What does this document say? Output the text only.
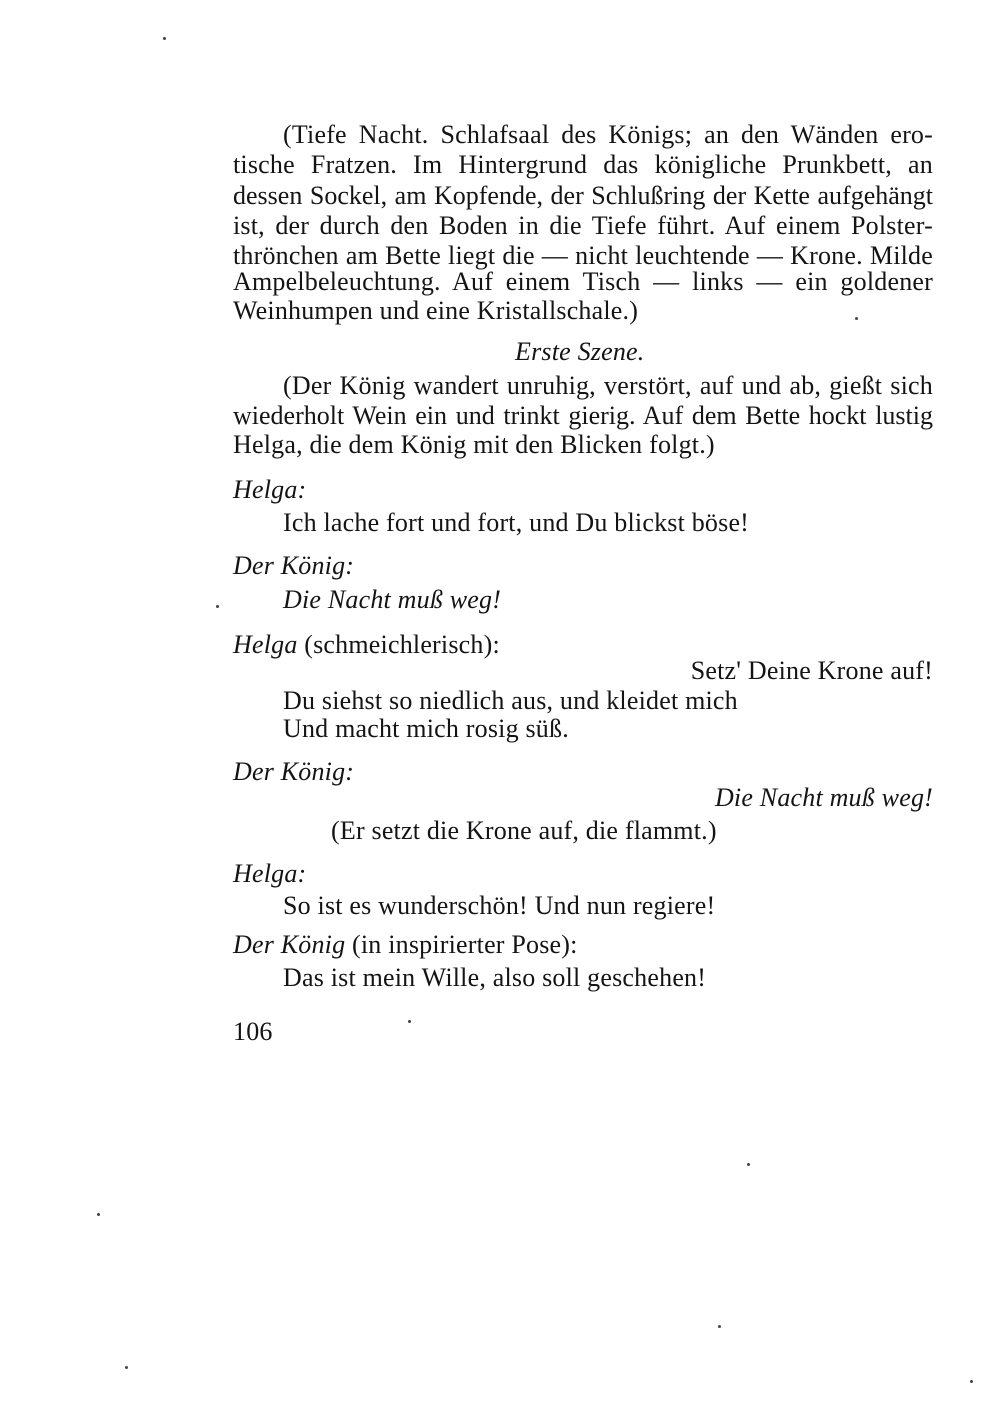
(Tiefe Nacht. Schlafsaal des Königs; an den Wänden ero-
tische Fratzen. Im Hintergrund das königliche Prunkbett, an
dessen Sockel, am Kopfende, der Schlußring der Kette aufgehängt
ist, der durch den Boden in die Tiefe führt. Auf einem Polster-
thrönchen am Bette liegt die — nicht leuchtende — Krone. Milde
Ampelbeleuchtung. Auf einem Tisch — links — ein goldener
Weinhumpen und eine Kristallschale.)
Erste Szene.
(Der König wandert unruhig, verstört, auf und ab, gießt sich
wiederholt Wein ein und trinkt gierig. Auf dem Bette hockt lustig
Helga, die dem König mit den Blicken folgt.)
Helga:
Ich lache fort und fort, und Du blickst böse!
Der König:
Die Nacht muß weg!
Helga (schmeichlerisch):
Setz' Deine Krone auf!
Du siehst so niedlich aus, und kleidet mich
Und macht mich rosig süß.
Der König:
Die Nacht muß weg!
(Er setzt die Krone auf, die flammt.)
Helga:
So ist es wunderschön! Und nun regiere!
Der König (in inspirierter Pose):
Das ist mein Wille, also soll geschehen!
106
